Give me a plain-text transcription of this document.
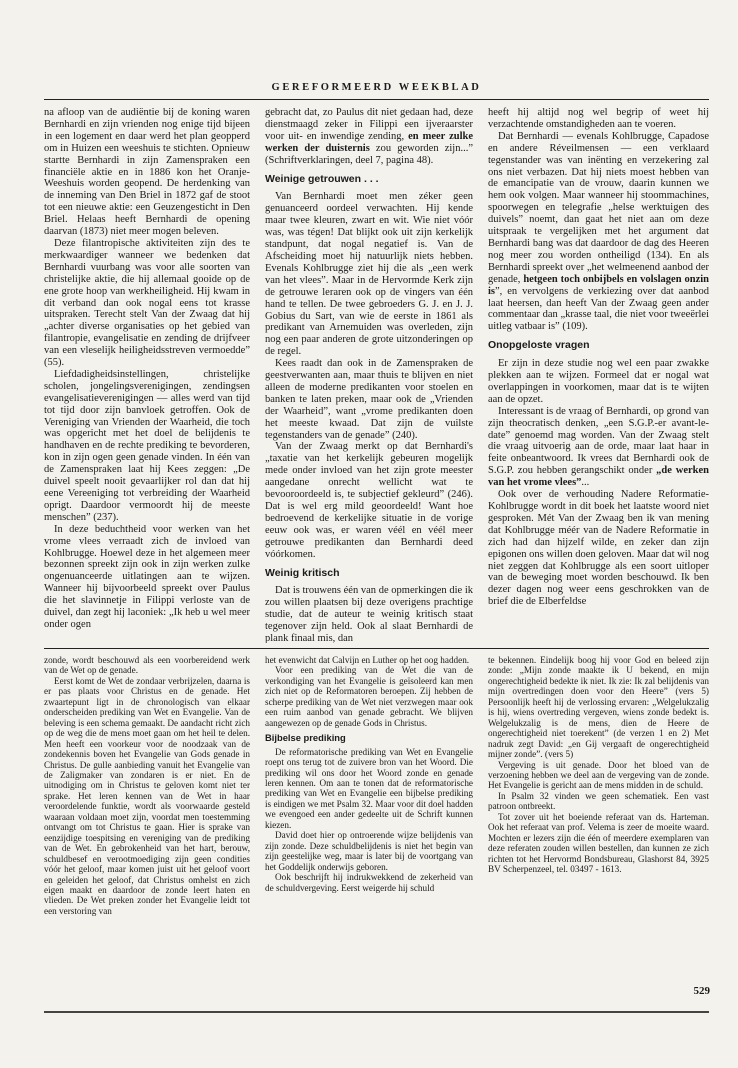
GEREFORMEERD WEEKBLAD

na afloop van de audiëntie bij de koning waren Bernhardi en zijn vrienden nog enige tijd bijeen in een logement en daar werd het plan geopperd om in Huizen een weeshuis te stichten. Opnieuw startte Bernhardi in zijn Zamenspraken een financiële aktie en in 1886 kon het Oranje-Weeshuis worden geopend. De herdenking van de inneming van Den Briel in 1872 gaf de stoot tot een nieuwe aktie: een Geuzengesticht in Den Briel. Helaas heeft Bernhardi de opening daarvan (1873) niet meer mogen beleven.

Deze filantropische aktiviteiten zijn des te merkwaardiger wanneer we bedenken dat Bernhardi vuurbang was voor alle soorten van christelijke aktie, die hij allemaal gooide op de ene grote hoop van werkheiligheid. Hij kwam in dit verband dan ook nogal eens tot krasse uitspraken. Terecht stelt Van der Zwaag dat hij „achter diverse organisaties op het gebied van filantropie, evangelisatie en zending de drijfveer van een vleselijk heiligheidsstreven vermoedde” (55).

Liefdadigheidsinstellingen, christelijke scholen, jongelingsverenigingen, zendingsen evangelisatieverenigingen — alles werd van tijd tot tijd door zijn banvloek getroffen. Ook de Vereniging van Vrienden der Waarheid, die toch was opgericht met het doel de belijdenis te handhaven en de rechte prediking te bevorderen, kon in zijn ogen geen genade vinden. In één van de Zamenspraken laat hij Kees zeggen: „De duivel speelt nooit gevaarlijker rol dan dat hij eene Vereeniging tot verbreiding der Waarheid oprigt. Daardoor vermoordt hij de meeste menschen” (237).

In deze beduchtheid voor werken van het vrome vlees verraadt zich de invloed van Kohlbrugge. Hoewel deze in het algemeen meer bezonnen spreekt zijn ook in zijn werken zulke ongenuanceerde uitlatingen aan te wijzen. Wanneer hij bijvoorbeeld spreekt over Paulus die het slavinnetje in Filippi verloste van de duivel, dan zegt hij laconiek: „Ik heb u wel meer onder ogen

gebracht dat, zo Paulus dit niet gedaan had, deze dienstmaagd zeker in Filippi een ijveraarster voor uit- en inwendige zending, en meer zulke werken der duisternis zou geworden zijn...” (Schriftverklaringen, deel 7, pagina 48).

Weinige getrouwen . . .

Van Bernhardi moet men zéker geen genuanceerd oordeel verwachten. Hij kende maar twee kleuren, zwart en wit. Wie niet vóór was, was tégen! Dat blijkt ook uit zijn kerkelijk standpunt, dat nogal negatief is. Van de Afscheiding moet hij natuurlijk niets hebben. Evenals Kohlbrugge ziet hij die als „een werk van het vlees”. Maar in de Hervormde Kerk zijn de getrouwe leraren ook op de vingers van één hand te tellen. De twee gebroeders G. J. en J. J. Gobius du Sart, van wie de eerste in 1861 als predikant van Arnemuiden was overleden, zijn nog een paar anderen de grote uitzonderingen op de regel.

Kees raadt dan ook in de Zamenspraken de geestverwanten aan, maar thuis te blijven en niet alleen de moderne predikanten voor stoelen en banken te laten preken, maar ook de „Vrienden der Waarheid”, want „vrome predikanten doen het meeste kwaad. Dat zijn de vuilste tegenstanders van de genade” (240).

Van der Zwaag merkt op dat Bernhardi's „taxatie van het kerkelijk gebeuren mogelijk mede onder invloed van het zijn grote meester aangedane onrecht wellicht wat te bevooroordeeld is, te subjectief gekleurd” (246). Dat is wel erg mild geoordeeld! Want hoe bedroevend de kerkelijke situatie in de vorige eeuw ook was, er waren véél en véél meer getrouwe predikanten dan Bernhardi deed vóórkomen.

Weinig kritisch

Dat is trouwens één van de opmerkingen die ik zou willen plaatsen bij deze overigens prachtige studie, dat de auteur te weinig kritisch staat tegenover zijn held. Ook al slaat Bernhardi de plank finaal mis, dan

heeft hij altijd nog wel begrip of weet hij verzachtende omstandigheden aan te voeren.

Dat Bernhardi — evenals Kohlbrugge, Capadose en andere Réveilmensen — een verklaard tegenstander was van inënting en verzekering zal ons niet verbazen. Dat hij niets moest hebben van de emancipatie van de vrouw, daarin kunnen we hem ook volgen. Maar wanneer hij stoommachines, spoorwegen en telegrafie „helse werktuigen des duivels” noemt, dan gaat het niet aan om deze uitspraak te vergelijken met het argument dat Bernhardi bang was dat daardoor de dag des Heeren nog meer zou worden ontheiligd (134). En als Bernhardi spreekt over „het welmeenend aanbod der genade, hetgeen toch onbijbels en volslagen onzin is”, en vervolgens de verkiezing over dat aanbod laat heersen, dan heeft Van der Zwaag geen ander commentaar dan „krasse taal, die niet voor tweeërlei uitleg vatbaar is” (109).

Onopgeloste vragen

Er zijn in deze studie nog wel een paar zwakke plekken aan te wijzen. Formeel dat er nogal wat overlappingen in voorkomen, maar dat is te wijten aan de opzet.

Interessant is de vraag of Bernhardi, op grond van zijn theocratisch denken, „een S.G.P.-er avant-le-date” genoemd mag worden. Van der Zwaag stelt die vraag uitvoerig aan de orde, maar laat haar in feite onbeantwoord. Ik vrees dat Bernhardi ook de S.G.P. zou hebben gerangschikt onder „de werken van het vrome vlees”...

Ook over de verhouding Nadere Reformatie-Kohlbrugge wordt in dit boek het laatste woord niet gesproken. Mét Van der Zwaag ben ik van mening dat Kohlbrugge méér van de Nadere Reformatie in zich had dan hijzelf wilde, en zeker dan zijn epigonen ons willen doen geloven. Maar dat wil nog niet zeggen dat Kohlbrugge als een soort uitloper van de beweging moet worden beschouwd. Ik ben dezer dagen nog weer eens geschrokken van de brief die de Elberfeldse

zonde, wordt beschouwd als een voorbereidend werk van de Wet op de genade.

Eerst komt de Wet de zondaar verbrijzelen, daarna is er pas plaats voor Christus en de genade. Het zwaartepunt ligt in de chronologisch van elkaar onderscheiden prediking van Wet en Evangelie. Van de beleving is een schema gemaakt. De aandacht richt zich op de weg die de mens moet gaan om het heil te delen. Men heeft een voorkeur voor de noodzaak van de zondekennis boven het Evangelie van Gods genade in Christus. De gulle aanbieding vanuit het Evangelie van de Zaligmaker van zondaren is er niet. En de uitnodiging om in Christus te geloven komt niet ter sprake. Het leren kennen van de Wet in haar veroordelende funktie, wordt als voorwaarde gesteld waaraan voldaan moet zijn, voordat men toestemming ontvangt om tot Christus te gaan. Hier is sprake van eenzijdige toespitsing en vereniging van de prediking van de Wet. En gebrokenheid van het hart, berouw, schuldbesef en verootmoediging zijn geen condities vóór het geloof, maar komen juist uit het geloof voort en geleiden het geloof, dat Christus omhelst en zich eigen maakt en daardoor de zonde leert haten en vlieden. De Wet preken zonder het Evangelie leidt tot een verstoring van

het evenwicht dat Calvijn en Luther op het oog hadden.

Voor een prediking van de Wet die van de verkondiging van het Evangelie is geïsoleerd kan men zich niet op de Reformatoren beroepen. Zij hebben de scherpe prediking van de Wet niet verzwegen maar ook een ruim aanbod van genade gebracht. We blijven aangewezen op de genade Gods in Christus.

Bijbelse prediking

De reformatorische prediking van Wet en Evangelie roept ons terug tot de zuivere bron van het Woord. Die prediking wil ons door het Woord zonde en genade leren kennen. Om aan te tonen dat de reformatorische prediking van Wet en Evangelie een bijbelse prediking is eindigen we met Psalm 32. Maar voor dit doel hadden we evengoed een ander gedeelte uit de Schrift kunnen kiezen.

David doet hier op ontroerende wijze belijdenis van zijn zonde. Deze schuldbelijdenis is niet het begin van zijn geestelijke weg, maar is later bij de voortgang van het Goddelijk onderwijs geboren.

Ook beschrijft hij indrukwekkend de zekerheid van de schuldvergeving. Eerst weigerde hij schuld

te bekennen. Eindelijk boog hij voor God en beleed zijn zonde: „Mijn zonde maakte ik U bekend, en mijn ongerechtigheid bedekte ik niet. Ik zie: Ik zal belijdenis van mijn overtredingen doen voor den Heere” (vers 5) Persoonlijk heeft hij de verlossing ervaren: „Welgelukzalig is hij, wiens overtreding vergeven, wiens zonde bedekt is. Welgelukzalig is de mens, dien de Heere de ongerechtigheid niet toerekent” (de verzen 1 en 2) Met nadruk zegt David: „en Gij vergaaft de ongerechtigheid mijner zonde”. (vers 5)

Vergeving is uit genade. Door het bloed van de verzoening hebben we deel aan de vergeving van de zonde. Het Evangelie is gericht aan de mens midden in de schuld.

In Psalm 32 vinden we geen schematiek. Een vast patroon ontbreekt.

Tot zover uit het boeiende referaat van ds. Harteman. Ook het referaat van prof. Velema is zeer de moeite waard. Mochten er lezers zijn die één of meerdere exemplaren van deze referaten zouden willen bestellen, dan kunnen ze zich richten tot het Hervormd Bondsbureau, Glashorst 84, 3925 BV Scherpenzeel, tel. 03497 - 1613.

529
